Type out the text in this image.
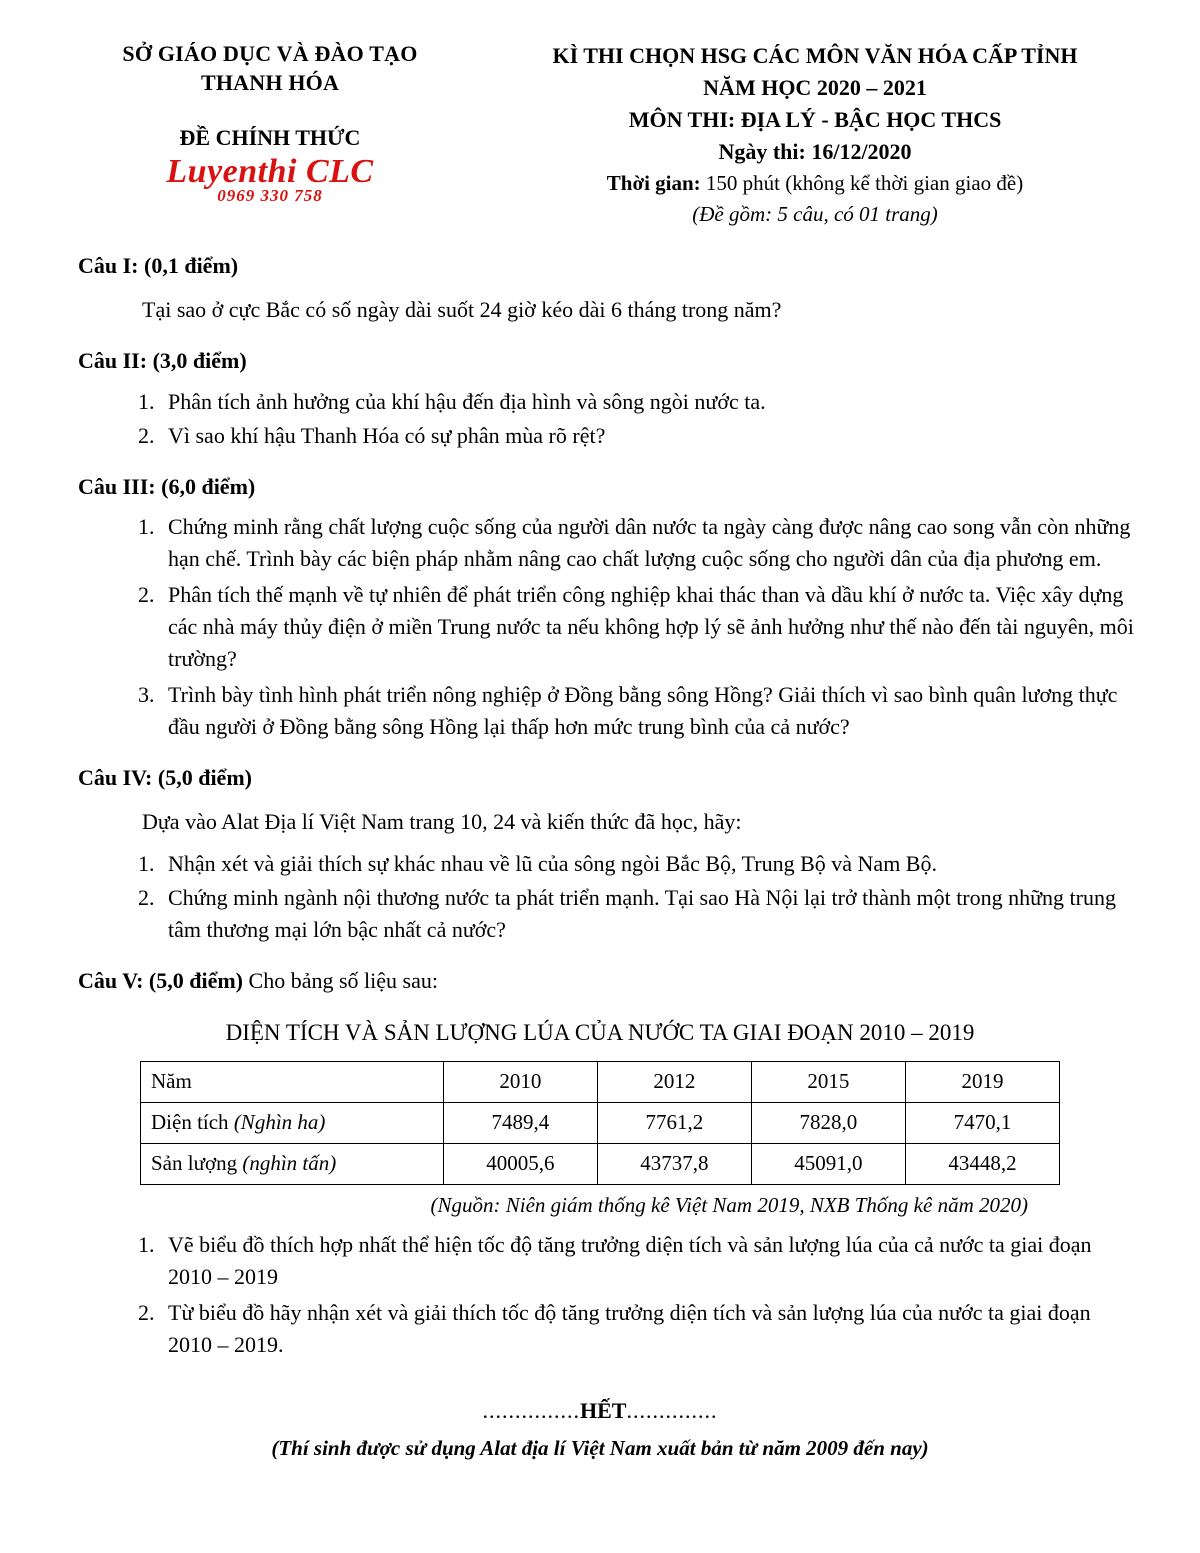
SỞ GIÁO DỤC VÀ ĐÀO TẠO
THANH HÓA
ĐỀ CHÍNH THỨC
Luyenthi CLC
0969 330 758
KÌ THI CHỌN HSG CÁC MÔN VĂN HÓA CẤP TỈNH
NĂM HỌC 2020 – 2021
MÔN THI: ĐỊA LÝ - BẬC HỌC THCS
Ngày thi: 16/12/2020
Thời gian: 150 phút (không kể thời gian giao đề)
(Đề gồm: 5 câu, có 01 trang)
Câu I: (0,1 điểm)
Tại sao ở cực Bắc có số ngày dài suốt 24 giờ kéo dài 6 tháng trong năm?
Câu II: (3,0 điểm)
1. Phân tích ảnh hưởng của khí hậu đến địa hình và sông ngòi nước ta.
2. Vì sao khí hậu Thanh Hóa có sự phân mùa rõ rệt?
Câu III: (6,0 điểm)
1. Chứng minh rằng chất lượng cuộc sống của người dân nước ta ngày càng được nâng cao song vẫn còn những hạn chế. Trình bày các biện pháp nhằm nâng cao chất lượng cuộc sống cho người dân của địa phương em.
2. Phân tích thế mạnh về tự nhiên để phát triển công nghiệp khai thác than và dầu khí ở nước ta. Việc xây dựng các nhà máy thủy điện ở miền Trung nước ta nếu không hợp lý sẽ ảnh hưởng như thế nào đến tài nguyên, môi trường?
3. Trình bày tình hình phát triển nông nghiệp ở Đồng bằng sông Hồng? Giải thích vì sao bình quân lương thực đầu người ở Đồng bằng sông Hồng lại thấp hơn mức trung bình của cả nước?
Câu IV: (5,0 điểm)
Dựa vào Alat Địa lí Việt Nam trang 10, 24 và kiến thức đã học, hãy:
1. Nhận xét và giải thích sự khác nhau về lũ của sông ngòi Bắc Bộ, Trung Bộ và Nam Bộ.
2. Chứng minh ngành nội thương nước ta phát triển mạnh. Tại sao Hà Nội lại trở thành một trong những trung tâm thương mại lớn bậc nhất cả nước?
Câu V: (5,0 điểm) Cho bảng số liệu sau:
DIỆN TÍCH VÀ SẢN LƯỢNG LÚA CỦA NƯỚC TA GIAI ĐOẠN 2010 – 2019
Năm	2010	2012	2015	2019
Diện tích (Nghìn ha)	7489,4	7761,2	7828,0	7470,1
Sản lượng (nghìn tấn)	40005,6	43737,8	45091,0	43448,2
(Nguồn: Niên giám thống kê Việt Nam 2019, NXB Thống kê năm 2020)
1. Vẽ biểu đồ thích hợp nhất thể hiện tốc độ tăng trưởng diện tích và sản lượng lúa của cả nước ta giai đoạn 2010 – 2019
2. Từ biểu đồ hãy nhận xét và giải thích tốc độ tăng trưởng diện tích và sản lượng lúa của nước ta giai đoạn 2010 – 2019.
...............HẾT..............
(Thí sinh được sử dụng Alat địa lí Việt Nam xuất bản từ năm 2009 đến nay)
